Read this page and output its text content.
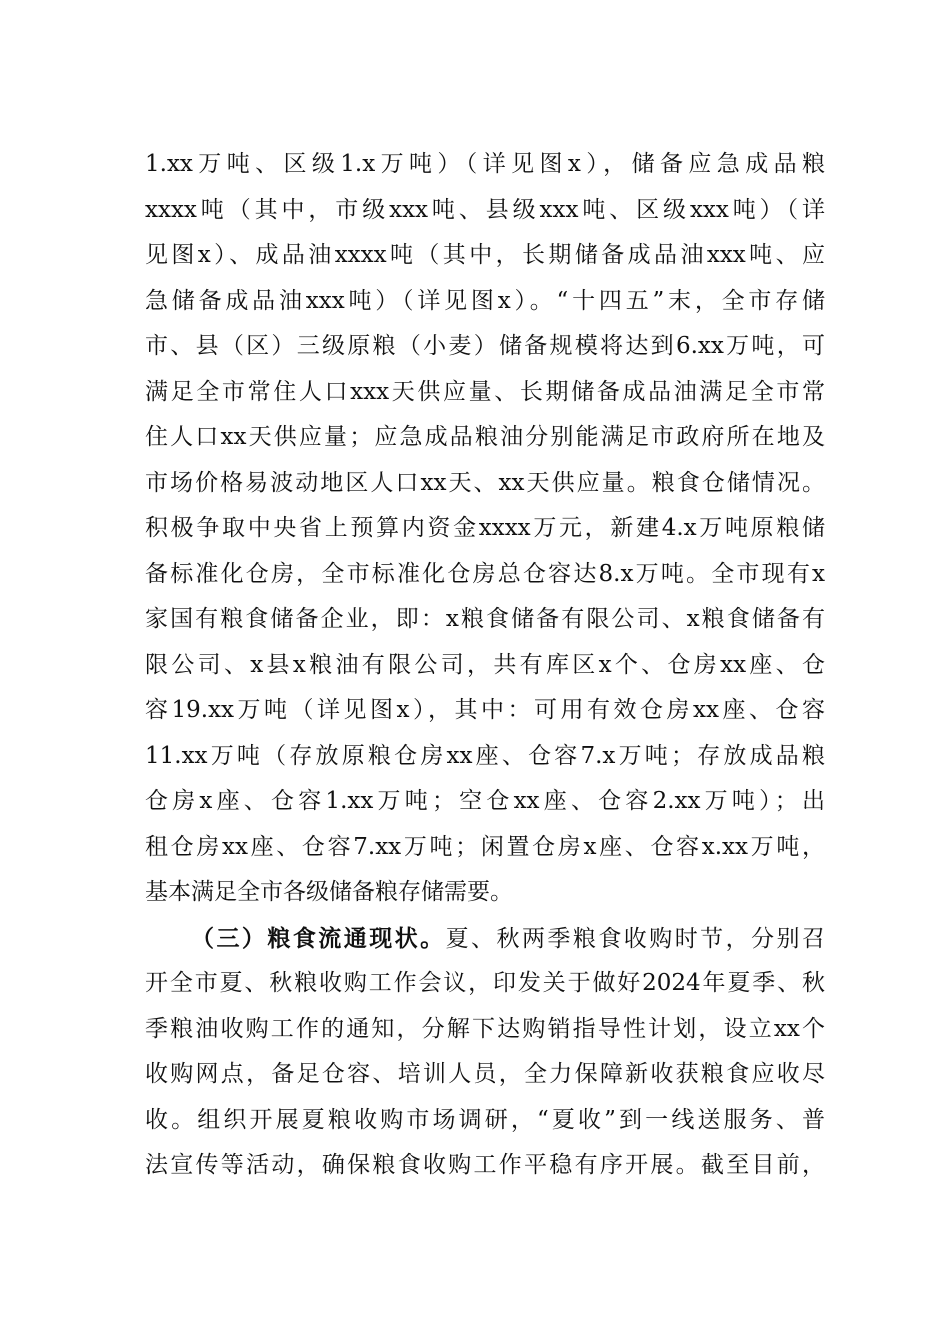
1.xx万吨、区级1.x万吨）（详见图x），储备应急成品粮
xxxx吨（其中，市级xxx吨、县级xxx吨、区级xxx吨）（详
见图x）、成品油xxxx吨（其中，长期储备成品油xxx吨、应
急储备成品油xxx吨）（详见图x）。“十四五”末，全市存储
市、县（区）三级原粮（小麦）储备规模将达到6.xx万吨，可
满足全市常住人口xxx天供应量、长期储备成品油满足全市常
住人口xx天供应量；应急成品粮油分别能满足市政府所在地及
市场价格易波动地区人口xx天、xx天供应量。粮食仓储情况。
积极争取中央省上预算内资金xxxx万元，新建4.x万吨原粮储
备标准化仓房，全市标准化仓房总仓容达8.x万吨。全市现有x
家国有粮食储备企业，即：x粮食储备有限公司、x粮食储备有
限公司、x县x粮油有限公司，共有库区x个、仓房xx座、仓
容19.xx万吨（详见图x），其中：可用有效仓房xx座、仓容
11.xx万吨（存放原粮仓房xx座、仓容7.x万吨；存放成品粮
仓房x座、仓容1.xx万吨；空仓xx座、仓容2.xx万吨）；出
租仓房xx座、仓容7.xx万吨；闲置仓房x座、仓容x.xx万吨，
基本满足全市各级储备粮存储需要。
（三）粮食流通现状。夏、秋两季粮食收购时节，分别召
开全市夏、秋粮收购工作会议，印发关于做好2024年夏季、秋
季粮油收购工作的通知，分解下达购销指导性计划，设立xx个
收购网点，备足仓容、培训人员，全力保障新收获粮食应收尽
收。组织开展夏粮收购市场调研，“夏收”到一线送服务、普
法宣传等活动，确保粮食收购工作平稳有序开展。截至目前，
